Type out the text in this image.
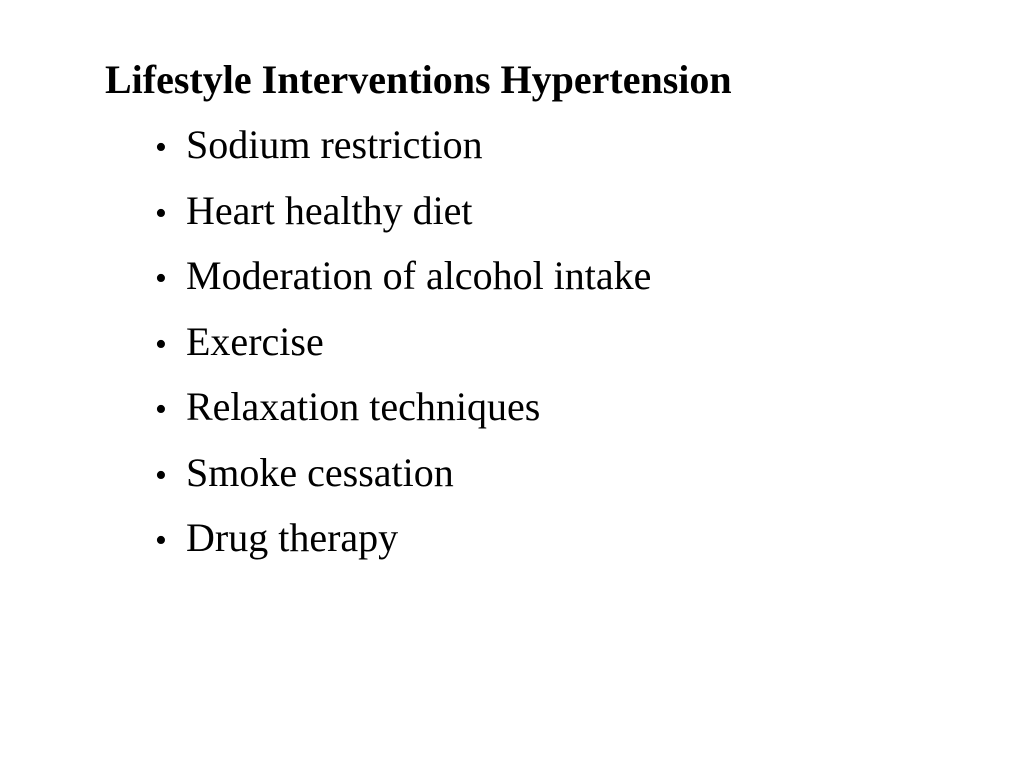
Lifestyle Interventions Hypertension
• Sodium restriction
• Heart healthy diet
• Moderation of alcohol intake
• Exercise
• Relaxation techniques
• Smoke cessation
• Drug therapy
